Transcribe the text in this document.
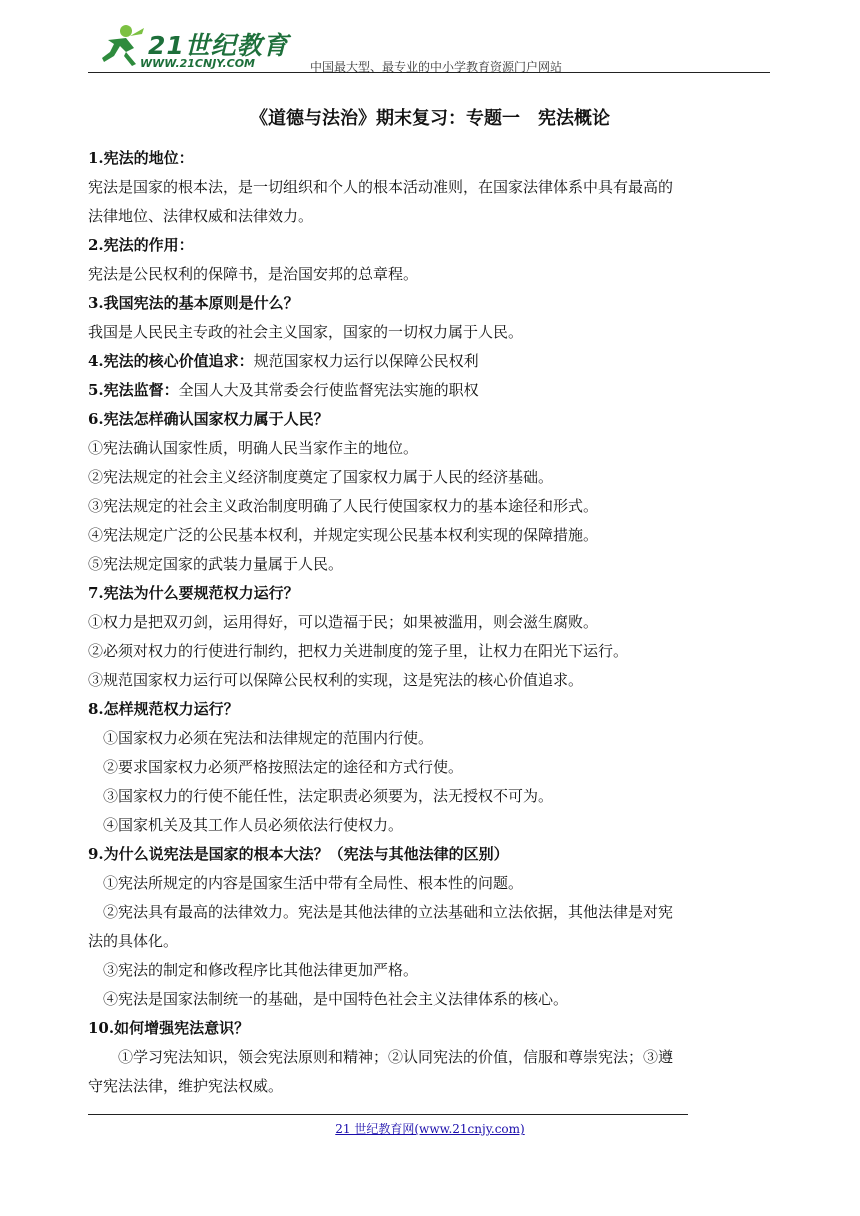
21世纪教育
WWW.21CNJY.COM	中国最大型、最专业的中小学教育资源门户网站
《道德与法治》期末复习：专题一　宪法概论
1.宪法的地位：
宪法是国家的根本法，是一切组织和个人的根本活动准则，在国家法律体系中具有最高的
法律地位、法律权威和法律效力。
2.宪法的作用：
宪法是公民权利的保障书，是治国安邦的总章程。
3.我国宪法的基本原则是什么？
我国是人民民主专政的社会主义国家，国家的一切权力属于人民。
4.宪法的核心价值追求：规范国家权力运行以保障公民权利
5.宪法监督：全国人大及其常委会行使监督宪法实施的职权
6.宪法怎样确认国家权力属于人民？
①宪法确认国家性质，明确人民当家作主的地位。
②宪法规定的社会主义经济制度奠定了国家权力属于人民的经济基础。
③宪法规定的社会主义政治制度明确了人民行使国家权力的基本途径和形式。
④宪法规定广泛的公民基本权利，并规定实现公民基本权利实现的保障措施。
⑤宪法规定国家的武装力量属于人民。
7.宪法为什么要规范权力运行？
①权力是把双刃剑，运用得好，可以造福于民；如果被滥用，则会滋生腐败。
②必须对权力的行使进行制约，把权力关进制度的笼子里，让权力在阳光下运行。
③规范国家权力运行可以保障公民权利的实现，这是宪法的核心价值追求。
8.怎样规范权力运行？
①国家权力必须在宪法和法律规定的范围内行使。
②要求国家权力必须严格按照法定的途径和方式行使。
③国家权力的行使不能任性，法定职责必须要为，法无授权不可为。
④国家机关及其工作人员必须依法行使权力。
9.为什么说宪法是国家的根本大法？（宪法与其他法律的区别）
①宪法所规定的内容是国家生活中带有全局性、根本性的问题。
②宪法具有最高的法律效力。宪法是其他法律的立法基础和立法依据，其他法律是对宪
法的具体化。
③宪法的制定和修改程序比其他法律更加严格。
④宪法是国家法制统一的基础，是中国特色社会主义法律体系的核心。
10.如何增强宪法意识？
①学习宪法知识，领会宪法原则和精神；②认同宪法的价值，信服和尊崇宪法；③遵
守宪法法律，维护宪法权威。
21 世纪教育网(www.21cnjy.com)
